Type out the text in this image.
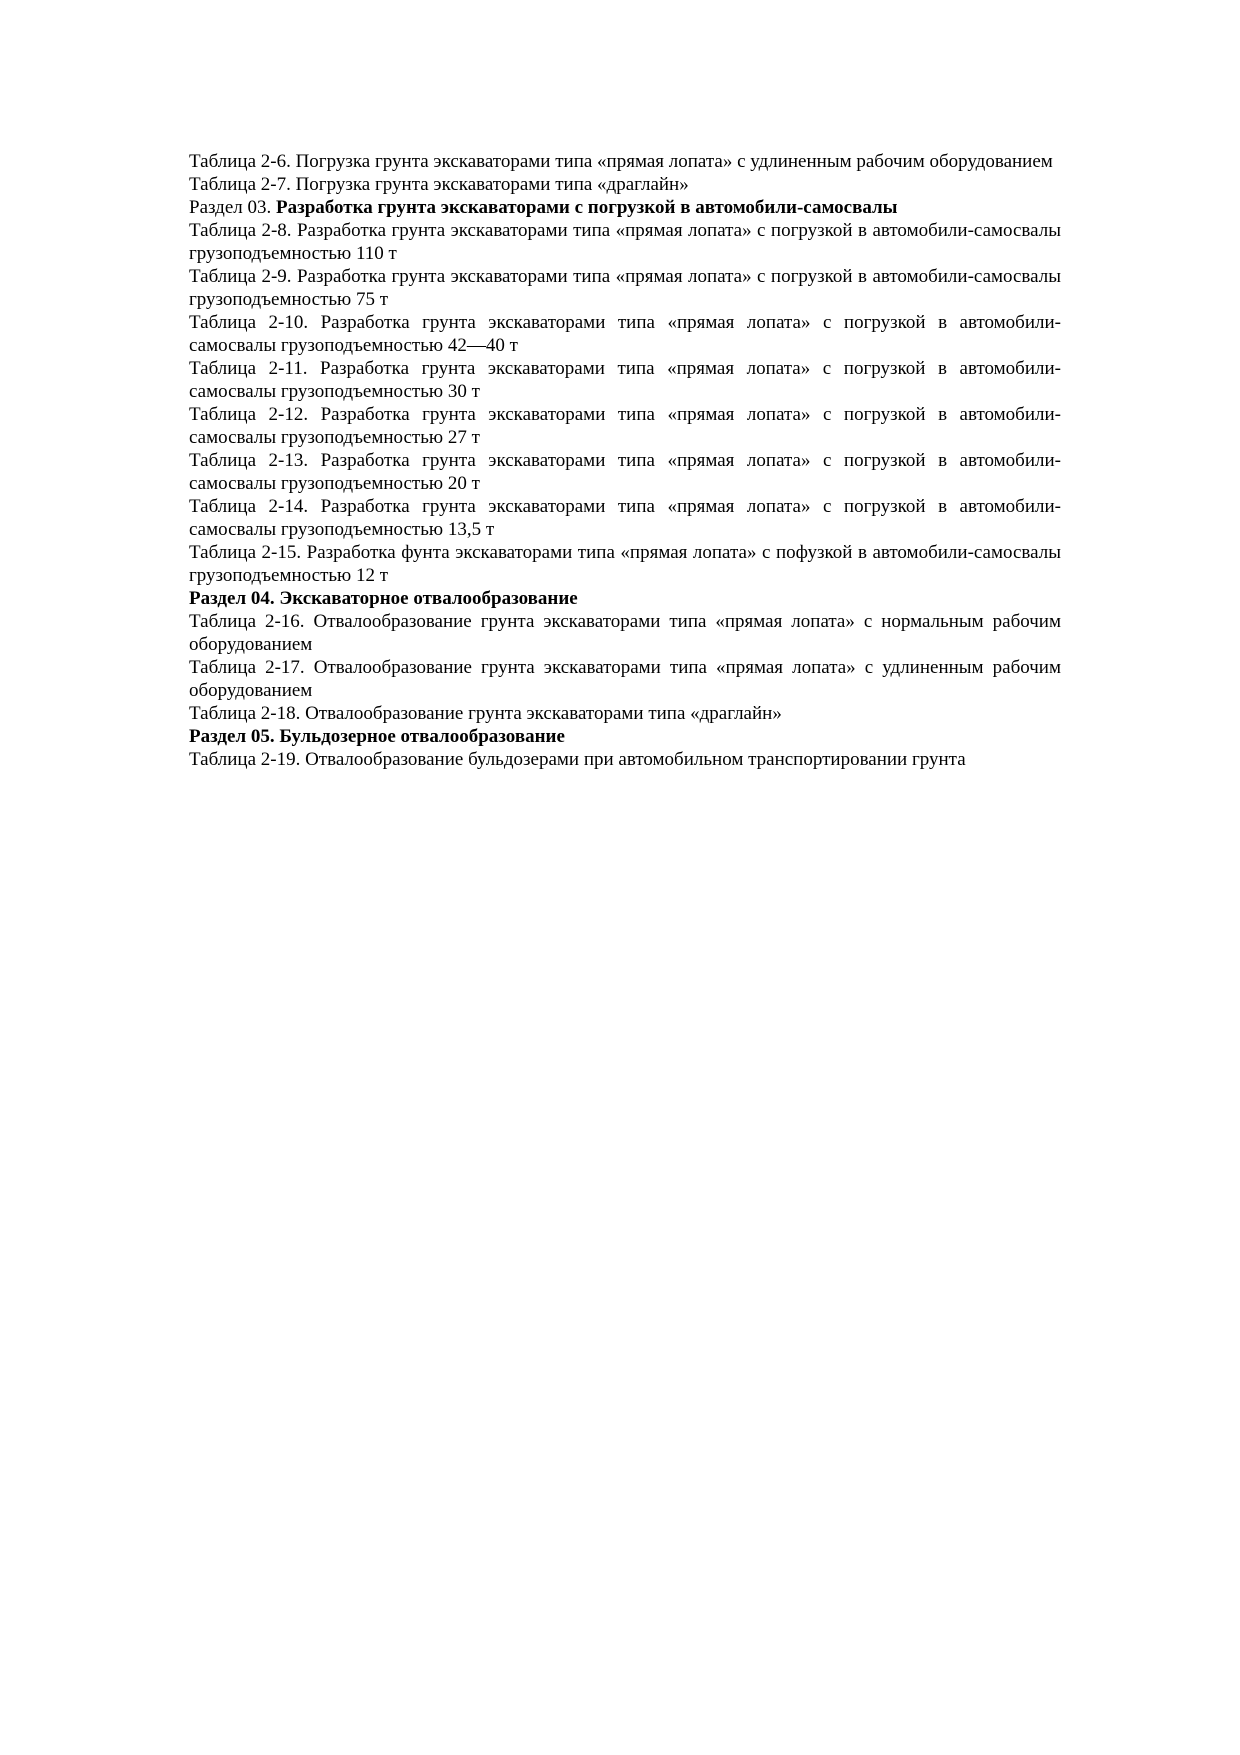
Таблица 2-6. Погрузка грунта экскаваторами типа «прямая лопата» с удлиненным рабочим оборудованием

Таблица 2-7. Погрузка грунта экскаваторами типа «драглайн»

Раздел 03. Разработка грунта экскаваторами с погрузкой в автомобили-самосвалы

Таблица 2-8. Разработка грунта экскаваторами типа «прямая лопата» с погрузкой в автомобили-самосвалы грузоподъемностью 110 т

Таблица 2-9. Разработка грунта экскаваторами типа «прямая лопата» с погрузкой в автомобили-самосвалы грузоподъемностью 75 т

Таблица 2-10. Разработка грунта экскаваторами типа «прямая лопата» с погрузкой в автомобили-самосвалы грузоподъемностью 42—40 т

Таблица 2-11. Разработка грунта экскаваторами типа «прямая лопата» с погрузкой в автомобили-самосвалы грузоподъемностью 30 т

Таблица 2-12. Разработка грунта экскаваторами типа «прямая лопата» с погрузкой в автомобили-самосвалы грузоподъемностью 27 т

Таблица 2-13. Разработка грунта экскаваторами типа «прямая лопата» с погрузкой в автомобили-самосвалы грузоподъемностью 20 т

Таблица 2-14. Разработка грунта экскаваторами типа «прямая лопата» с погрузкой в автомобили-самосвалы грузоподъемностью 13,5 т

Таблица 2-15. Разработка фунта экскаваторами типа «прямая лопата» с пофузкой в автомобили-самосвалы грузоподъемностью 12 т

Раздел 04. Экскаваторное отвалообразование

Таблица 2-16. Отвалообразование грунта экскаваторами типа «прямая лопата» с нормальным рабочим оборудованием

Таблица 2-17. Отвалообразование грунта экскаваторами типа «прямая лопата» с удлиненным рабочим оборудованием

Таблица 2-18. Отвалообразование грунта экскаваторами типа «драглайн»

Раздел 05. Бульдозерное отвалообразование

Таблица 2-19. Отвалообразование бульдозерами при автомобильном транспортировании грунта
